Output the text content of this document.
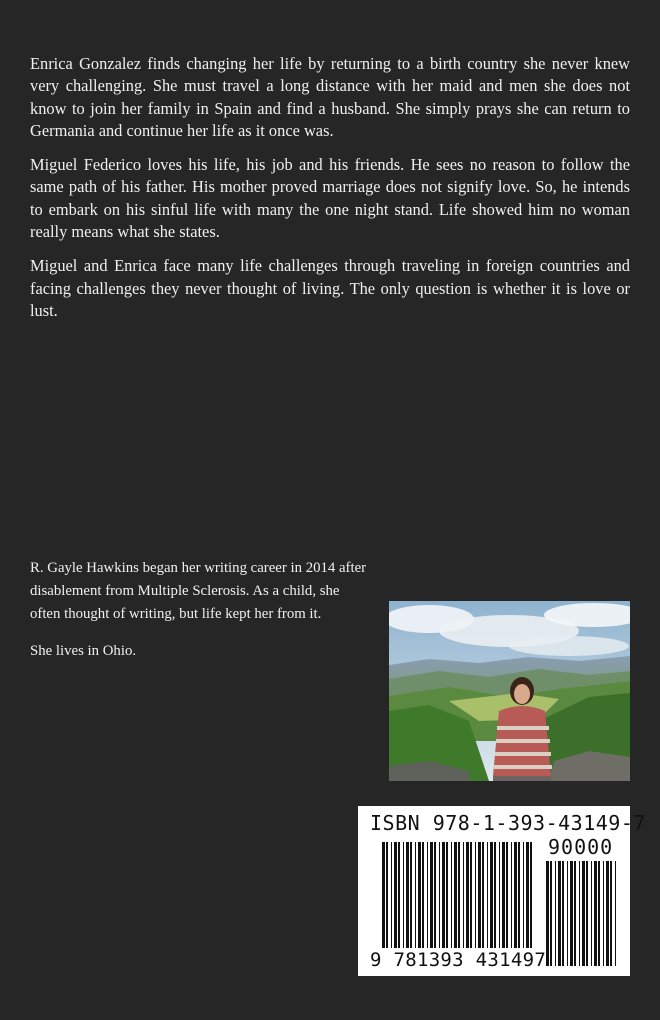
Enrica Gonzalez finds changing her life by returning to a birth country she never knew very challenging. She must travel a long distance with her maid and men she does not know to join her family in Spain and find a husband. She simply prays she can return to Germania and continue her life as it once was.

Miguel Federico loves his life, his job and his friends. He sees no reason to follow the same path of his father. His mother proved marriage does not signify love. So, he intends to embark on his sinful life with many the one night stand. Life showed him no woman really means what she states.

Miguel and Enrica face many life challenges through traveling in foreign countries and facing challenges they never thought of living. The only question is whether it is love or lust.

R. Gayle Hawkins began her writing career in 2014 after disablement from Multiple Sclerosis. As a child, she often thought of writing, but life kept her from it.

She lives in Ohio.

ISBN 978-1-393-43149-7
90000
9 781393 431497
